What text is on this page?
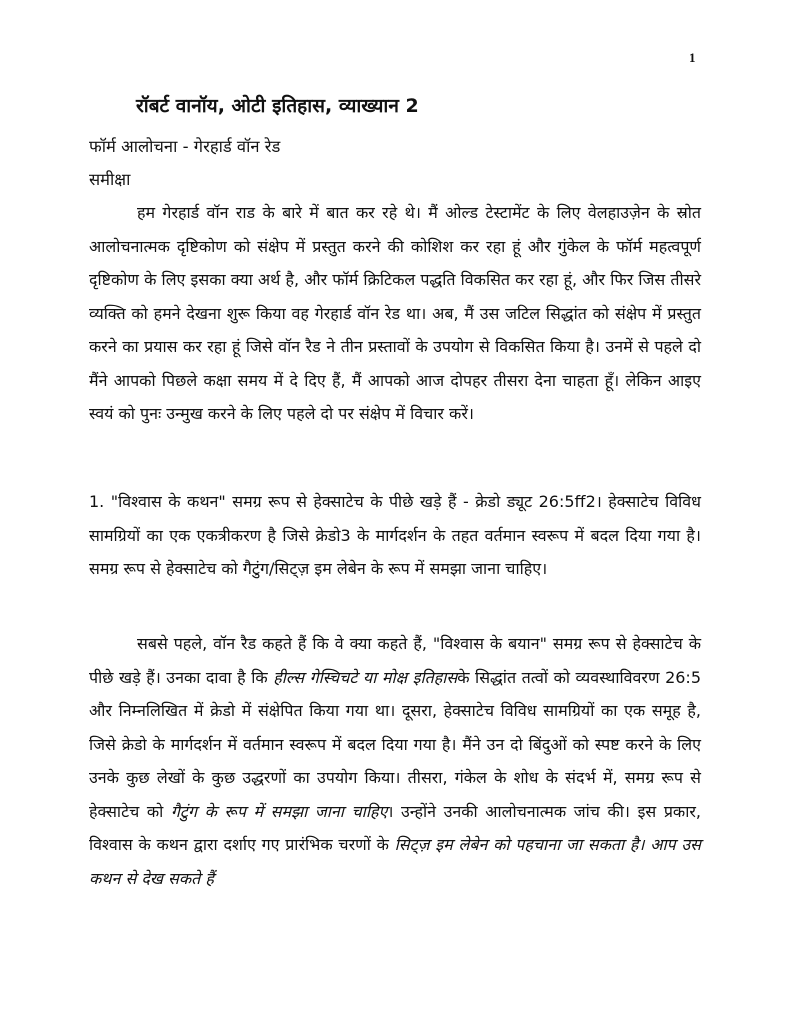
1
रॉबर्ट वानॉय, ओटी इतिहास, व्याख्यान 2
फॉर्म आलोचना - गेरहार्ड वॉन रेड
समीक्षा

हम गेरहार्ड वॉन राड के बारे में बात कर रहे थे। मैं ओल्ड टेस्टामेंट के लिए वेलहाउज़ेन के स्रोत आलोचनात्मक दृष्टिकोण को संक्षेप में प्रस्तुत करने की कोशिश कर रहा हूं और गुंकेल के फॉर्म महत्वपूर्ण दृष्टिकोण के लिए इसका क्या अर्थ है, और फॉर्म क्रिटिकल पद्धति विकसित कर रहा हूं, और फिर जिस तीसरे व्यक्ति को हमने देखना शुरू किया वह गेरहार्ड वॉन रेड था। अब, मैं उस जटिल सिद्धांत को संक्षेप में प्रस्तुत करने का प्रयास कर रहा हूं जिसे वॉन रैड ने तीन प्रस्तावों के उपयोग से विकसित किया है। उनमें से पहले दो मैंने आपको पिछले कक्षा समय में दे दिए हैं, मैं आपको आज दोपहर तीसरा देना चाहता हूँ। लेकिन आइए स्वयं को पुनः उन्मुख करने के लिए पहले दो पर संक्षेप में विचार करें।

1. "विश्वास के कथन" समग्र रूप से हेक्साटेच के पीछे खड़े हैं - क्रेडो ड्यूट 26:5ff2। हेक्साटेच विविध सामग्रियों का एक एकत्रीकरण है जिसे क्रेडो3 के मार्गदर्शन के तहत वर्तमान स्वरूप में बदल दिया गया है। समग्र रूप से हेक्साटेच को गैटुंग/सिट्ज़ इम लेबेन के रूप में समझा जाना चाहिए।

सबसे पहले, वॉन रैड कहते हैं कि वे क्या कहते हैं, "विश्वास के बयान" समग्र रूप से हेक्साटेच के पीछे खड़े हैं। उनका दावा है कि हील्स गेस्चिचटे या मोक्ष इतिहासके सिद्धांत तत्वों को व्यवस्थाविवरण 26:5 और निम्नलिखित में क्रेडो में संक्षेपित किया गया था। दूसरा, हेक्साटेच विविध सामग्रियों का एक समूह है, जिसे क्रेडो के मार्गदर्शन में वर्तमान स्वरूप में बदल दिया गया है। मैंने उन दो बिंदुओं को स्पष्ट करने के लिए उनके कुछ लेखों के कुछ उद्धरणों का उपयोग किया। तीसरा, गंकेल के शोध के संदर्भ में, समग्र रूप से हेक्साटेच को गैटुंग के रूप में समझा जाना चाहिए। उन्होंने उनकी आलोचनात्मक जांच की। इस प्रकार, विश्वास के कथन द्वारा दर्शाए गए प्रारंभिक चरणों के सिट्ज़ इम लेबेन को पहचाना जा सकता है। आप उस कथन से देख सकते हैं
